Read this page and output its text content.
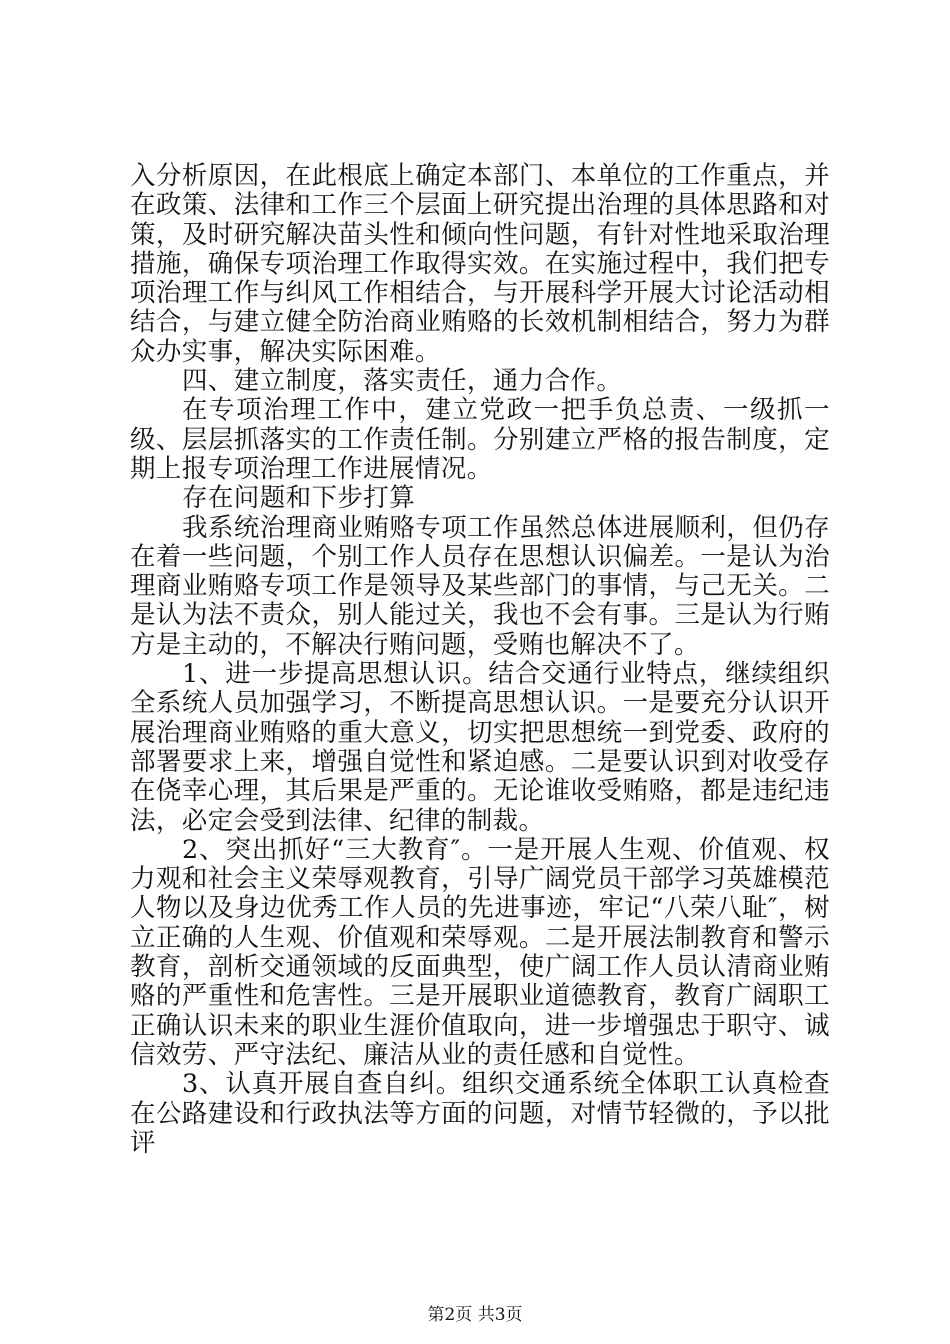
入分析原因，在此根底上确定本部门、本单位的工作重点，并在政策、法律和工作三个层面上研究提出治理的具体思路和对策，及时研究解决苗头性和倾向性问题，有针对性地采取治理措施，确保专项治理工作取得实效。在实施过程中，我们把专项治理工作与纠风工作相结合，与开展科学开展大讨论活动相结合，与建立健全防治商业贿赂的长效机制相结合，努力为群众办实事，解决实际困难。

四、建立制度，落实责任，通力合作。

在专项治理工作中，建立党政一把手负总责、一级抓一级、层层抓落实的工作责任制。分别建立严格的报告制度，定期上报专项治理工作进展情况。

存在问题和下步打算

我系统治理商业贿赂专项工作虽然总体进展顺利，但仍存在着一些问题，个别工作人员存在思想认识偏差。一是认为治理商业贿赂专项工作是领导及某些部门的事情，与己无关。二是认为法不责众，别人能过关，我也不会有事。三是认为行贿方是主动的，不解决行贿问题，受贿也解决不了。

1、进一步提高思想认识。结合交通行业特点，继续组织全系统人员加强学习，不断提高思想认识。一是要充分认识开展治理商业贿赂的重大意义，切实把思想统一到党委、政府的部署要求上来，增强自觉性和紧迫感。二是要认识到对收受存在侥幸心理，其后果是严重的。无论谁收受贿赂，都是违纪违法，必定会受到法律、纪律的制裁。

2、突出抓好“三大教育″。一是开展人生观、价值观、权力观和社会主义荣辱观教育，引导广阔党员干部学习英雄模范人物以及身边优秀工作人员的先进事迹，牢记“八荣八耻″，树立正确的人生观、价值观和荣辱观。二是开展法制教育和警示教育，剖析交通领域的反面典型，使广阔工作人员认清商业贿赂的严重性和危害性。三是开展职业道德教育，教育广阔职工正确认识未来的职业生涯价值取向，进一步增强忠于职守、诚信效劳、严守法纪、廉洁从业的责任感和自觉性。

3、认真开展自查自纠。组织交通系统全体职工认真检查在公路建设和行政执法等方面的问题，对情节轻微的，予以批评

第2页 共3页
